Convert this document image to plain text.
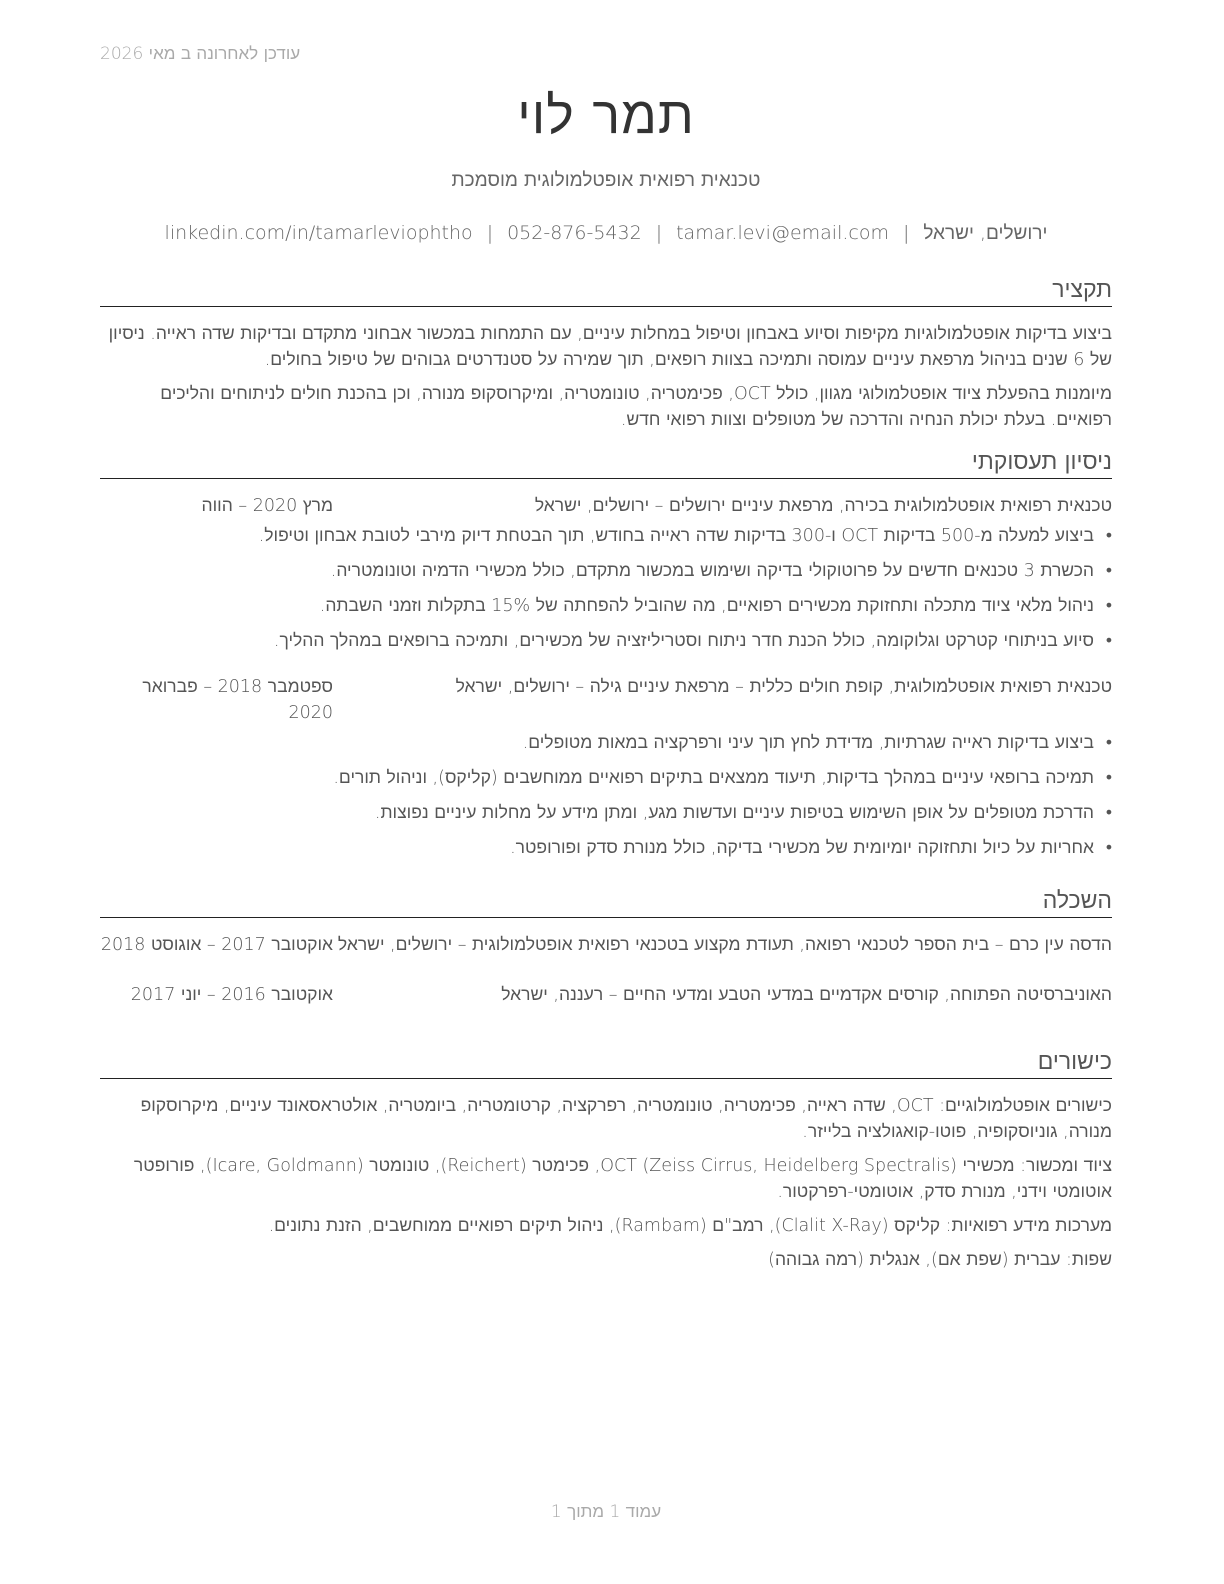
עודכן לאחרונה ב מאי 2026
תמר לוי
טכנאית רפואית אופטלמולוגית מוסמכת
ירושלים, ישראל|tamar.levi@email.com|052-876-5432|linkedin.com/in/tamarleviophtho
תקציר

ביצוע בדיקות אופטלמולוגיות מקיפות וסיוע באבחון וטיפול במחלות עיניים, עם התמחות במכשור אבחוני מתקדם ובדיקות שדה ראייה. ניסיון של 6 שנים בניהול מרפאת עיניים עמוסה ותמיכה בצוות רופאים, תוך שמירה על סטנדרטים גבוהים של טיפול בחולים.

מיומנות בהפעלת ציוד אופטלמולוגי מגוון, כולל OCT, פכימטריה, טונומטריה, ומיקרוסקופ מנורה, וכן בהכנת חולים לניתוחים והליכים רפואיים. בעלת יכולת הנחיה והדרכה של מטופלים וצוות רפואי חדש.

ניסיון תעסוקתי
טכנאית רפואית אופטלמולוגית בכירה, מרפאת עיניים ירושלים – ירושלים, ישראל
מרץ 2020 – הווה
•
ביצוע למעלה מ-500 בדיקות OCT ו-300 בדיקות שדה ראייה בחודש, תוך הבטחת דיוק מירבי לטובת אבחון וטיפול.
•
הכשרת 3 טכנאים חדשים על פרוטוקולי בדיקה ושימוש במכשור מתקדם, כולל מכשירי הדמיה וטונומטריה.
•
ניהול מלאי ציוד מתכלה ותחזוקת מכשירים רפואיים, מה שהוביל להפחתה של 15% בתקלות וזמני השבתה.
•
סיוע בניתוחי קטרקט וגלוקומה, כולל הכנת חדר ניתוח וסטריליזציה של מכשירים, ותמיכה ברופאים במהלך ההליך.
טכנאית רפואית אופטלמולוגית, קופת חולים כללית – מרפאת עיניים גילה – ירושלים, ישראל
ספטמבר 2018 – פברואר 2020
•
ביצוע בדיקות ראייה שגרתיות, מדידת לחץ תוך עיני ורפרקציה במאות מטופלים.
•
תמיכה ברופאי עיניים במהלך בדיקות, תיעוד ממצאים בתיקים רפואיים ממוחשבים (קליקס), וניהול תורים.
•
הדרכת מטופלים על אופן השימוש בטיפות עיניים ועדשות מגע, ומתן מידע על מחלות עיניים נפוצות.
•
אחריות על כיול ותחזוקה יומיומית של מכשירי בדיקה, כולל מנורת סדק ופורופטר.
השכלה
הדסה עין כרם – בית הספר לטכנאי רפואה, תעודת מקצוע בטכנאי רפואית אופטלמולוגית – ירושלים, ישראל
אוקטובר 2017 – אוגוסט 2018
האוניברסיטה הפתוחה, קורסים אקדמיים במדעי הטבע ומדעי החיים – רעננה, ישראל
אוקטובר 2016 – יוני 2017
כישורים
כישורים אופטלמולוגיים: OCT, שדה ראייה, פכימטריה, טונומטריה, רפרקציה, קרטומטריה, ביומטריה, אולטראסאונד עיניים, מיקרוסקופ מנורה, גוניוסקופיה, פוטו-קואגולציה בלייזר.
ציוד ומכשור: מכשירי OCT (Zeiss Cirrus, Heidelberg Spectralis), פכימטר (Reichert), טונומטר (Icare, Goldmann), פורופטר אוטומטי וידני, מנורת סדק, אוטומטי-רפרקטור.
מערכות מידע רפואיות: קליקס (Clalit X-Ray), רמב"ם (Rambam), ניהול תיקים רפואיים ממוחשבים, הזנת נתונים.
שפות: עברית (שפת אם), אנגלית (רמה גבוהה)
עמוד 1 מתוך 1
